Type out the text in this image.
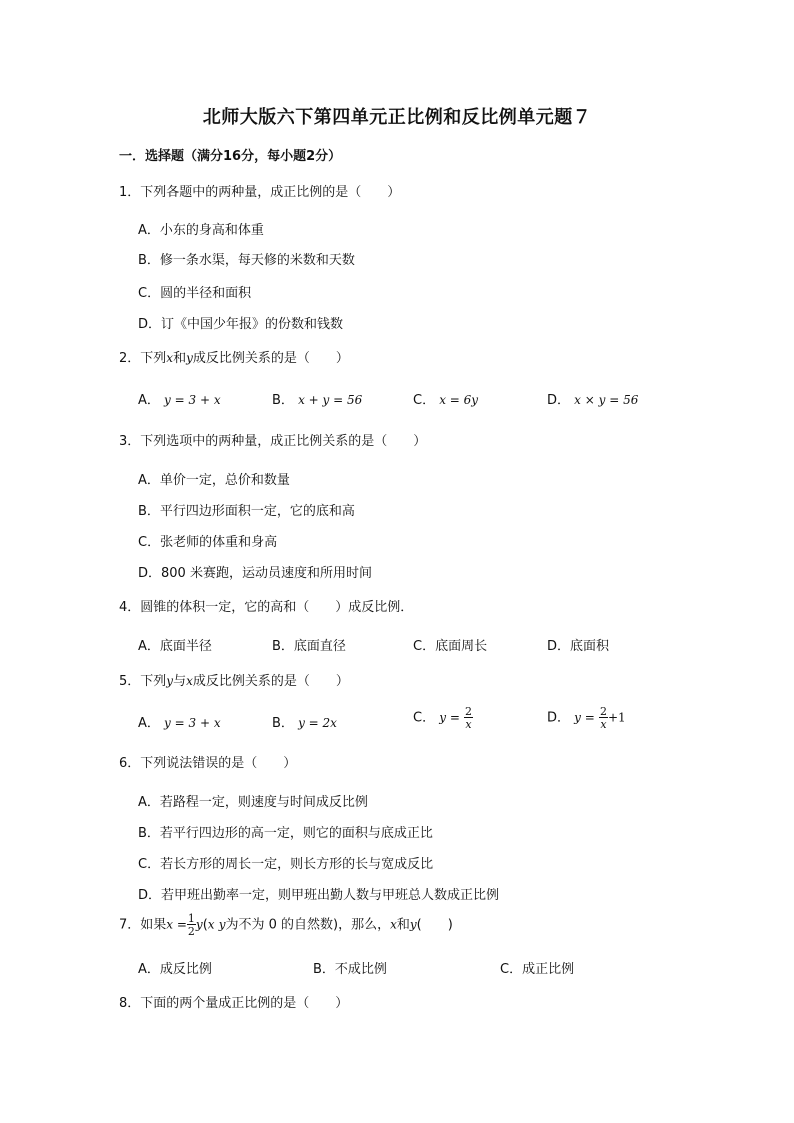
北师大版六下第四单元正比例和反比例单元题７
一．选择题（满分16分，每小题2分）
1．下列各题中的两种量，成正比例的是（　　）
A．小东的身高和体重
B．修一条水渠，每天修的米数和天数
C．圆的半径和面积
D．订《中国少年报》的份数和钱数
2．下列x和y成反比例关系的是（　　）
A． y = 3 + x	B． x + y = 56	C． x = 6y	D． x × y = 56
3．下列选项中的两种量，成正比例关系的是（　　）
A．单价一定，总价和数量
B．平行四边形面积一定，它的底和高
C．张老师的体重和身高
D．800 米赛跑，运动员速度和所用时间
4．圆锥的体积一定，它的高和（　　）成反比例．
A．底面半径	B．底面直径	C．底面周长	D．底面积
5．下列y与x成反比例关系的是（　　）
A． y = 3 + x	B． y = 2x	C． $y = \frac{2}{x}$	D． $y = \frac{2}{x} +1$
6．下列说法错误的是（　　）
A．若路程一定，则速度与时间成反比例
B．若平行四边形的高一定，则它的面积与底成正比
C．若长方形的周长一定，则长方形的长与宽成反比
D．若甲班出勤率一定，则甲班出勤人数与甲班总人数成正比例
7．如果$x = \frac{1}{2} y(x$ y为不为 0 的自然数)，那么，x和y(　　)
A．成反比例	B．不成比例	C．成正比例
8．下面的两个量成正比例的是（　　）
